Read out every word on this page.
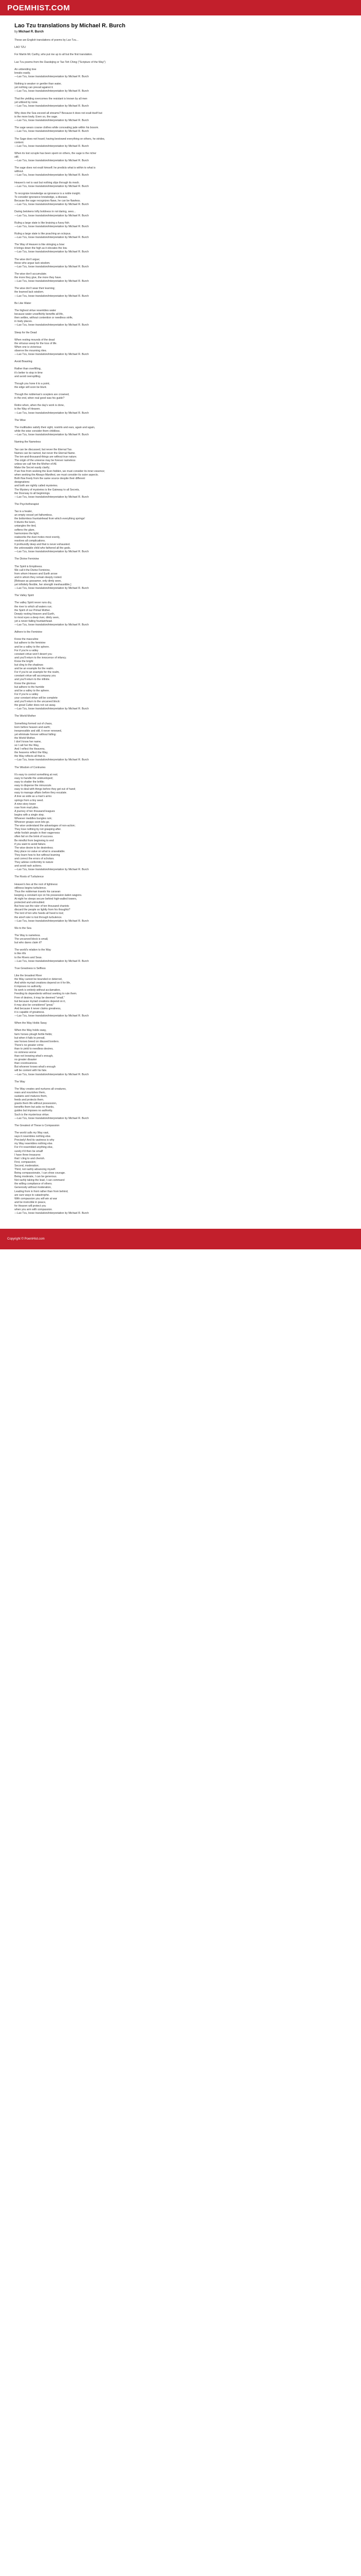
POEMHIST.COM
Lao Tzu translations by Michael R. Burch
by Michael R. Burch
These are English translations of poems by Lao Tzu...
LAO TZU
For Martin Mc Carthy, who put me up to all but the first translation.
Lao Tzu poems from the Daodejing or Tao Teh Ching ("Scripture of the Way")
An unbending tree
breaks easily.
—Lao Tzu, loose translation/interpretation by Michael R. Burch
Nothing is weaker or gentler than water,
yet nothing can prevail against it.
—Lao Tzu, loose translation/interpretation by Michael R. Burch
That the yielding overcomes the resistant is known by all men
yet utilized by none.
—Lao Tzu, loose translation/interpretation by Michael R. Burch
Why does the Sea exceed all streams? Because it does not exalt itself but
is the more lowly. Even so, the sage.
—Lao Tzu, loose translation/interpretation by Michael R. Burch
The sage wears coarse clothes while concealing jade within his bosom.
—Lao Tzu, loose translation/interpretation by Michael R. Burch
The Sage does not hoard; having bestowed everything on others, he strides,
content.
—Lao Tzu, loose translation/interpretation by Michael R. Burch
When its lost scruple has been spent on others, the sage is the richer
still.
—Lao Tzu, loose translation/interpretation by Michael R. Burch
The sage does not exalt himself; he predicts what is within to what is
without.
—Lao Tzu, loose translation/interpretation by Michael R. Burch
Heaven's net is vast but nothing slips through its mesh.
—Lao Tzu, loose translation/interpretation by Michael R. Burch
To recognize knowledge as ignorance is a noble insight.
To consider ignorance knowledge, a disease.
Because the sage recognizes flaws, he can be flawless.
—Lao Tzu, loose translation/interpretation by Michael R. Burch
Daring betokens lofty boldness in not daring, sees...
—Lao Tzu, loose translation/interpretation by Michael R. Burch
Ruling a large state is like braising a fussy fish.
—Lao Tzu, loose translation/interpretation by Michael R. Burch
Ruling a large state is like poaching an octopus.
—Lao Tzu, loose translation/interpretation by Michael R. Burch
The Way of Heaven is like stringing a bow:
it brings down the high as it elevates the low.
—Lao Tzu, loose translation/interpretation by Michael R. Burch
The wise don't argue;
those who argue lack wisdom.
—Lao Tzu, loose translation/interpretation by Michael R. Burch
The wise don't accumulate;
the more they give, the more they have.
—Lao Tzu, loose translation/interpretation by Michael R. Burch
The wise don't wear their learning;
the learned lack wisdom.
—Lao Tzu, loose translation/interpretation by Michael R. Burch
Be Like Water
The highest virtue resembles water
because water unselfishly benefits all life,
then settles, without contention or needless strife,
in lowly places.
—Lao Tzu, loose translation/interpretation by Michael R. Burch
Sleep for the Dead
When resting mounds of the dead
the virtuous weep for the loss of life.
When one is victorious
observe the mourning rites.
—Lao Tzu, loose translation/interpretation by Michael R. Burch
Avoid Boasting
Rather than overfilling,
it's better to stop in time
and avoid overspilling.
Though you hone it to a point,
the edge will soon be blunt.
Though the nobleman's scepters are crowned,
in the end, when real good was his guide?
Retire when, when the day's work is done,
is the Way of Heaven.
—Lao Tzu, loose translation/interpretation by Michael R. Burch
The Wise
The multitudes satisfy their sight, nostrils and ears, again and again,
while the wise consider them childless.
—Lao Tzu, loose translation/interpretation by Michael R. Burch
Naming the Nameless
Tao can be discussed, but never the Eternal Tao.
Names can be named, but never the Eternal Name.
The ten-and-thousand-things are without true nature.
The origin of the universe may be forever nameless
unless we call him the Mother of All.
Make the Secret easily clarify;
If we free from seeking the Ever-hidden, we must consider its inner essence;
when seeking the Always-Manifest, we must consider its outer aspects.
Both flow freely from the same source despite their different
designations
and both are rightly called mysteries.
The Mystery of mysteries is the Gateway to all Secrets,
the Doorway to all beginnings.
—Lao Tzu, loose translation/interpretation by Michael R. Burch
The Psychotherapist
Tao is a healer,
an empty vessel yet fathomless,
the bottomless fountainhead from which everything springs!
It blunts the keen,
untangles the tied,
softens the glare,
harmonizes the light;
reabsorbs the dust motes most evenly,
resolves all complications.
It profoundly deep and that is never exhausted.
the unknowable child who fathered all the gods.
—Lao Tzu, loose translation/interpretation by Michael R. Burch
The Divine Feminine
The Spirit is Emptiness.
We call it the Divine Feminine,
from whom Heaven and Earth arose
and in whom they remain deeply rooted.
[Release as gossamer, only dimly seen,
yet infinitely flexible, her strength inexhaustible.]
—Lao Tzu, loose translation/interpretation by Michael R. Burch
The Valley Spirit
The valley Spirit never runs dry,
the river to which all waters run;
the Spirit of our Primal Mother.
Deeply rooting Heaven and Earth,
to most eyes a deep river, dimly seen,
yet a never-failing fountainhead.
—Lao Tzu, loose translation/interpretation by Michael R. Burch
Adhere to the Feminine
Know the masculine
but adhere to the feminine
and be a valley to the sphere.
For if you're a valley
constant virtue won't desert you
and you'll return to the innocence of infancy.
Know the bright
but cling to the shadows
and be an example for the realm.
For if you're an example for the realm,
constant virtue will accompany you
and you'll return to the infinite.
Know the glorious
but adhere to the humble
and be a valley to the sphere.
For if you're a valley
your constant virtue will be complete
and you'll return to the uncarved block:
the great Cutter does not cut away.
—Lao Tzu, loose translation/interpretation by Michael R. Burch
The World Mother
Something formed out of chaos,
born before heaven and earth;
inexpressible and still, it never renewed,
yet eliminate forever without falling:
the World Mother.
I don't know her name,
so I call her the Way,
And I reflect the Heavens,
the heavens reflect the Way,
the Way reflects all that is.
—Lao Tzu, loose translation/interpretation by Michael R. Burch
The Wisdom of Contraries
It's easy to control something at rest;
easy to handle the undeveloped;
easy to shatter the brittle;
easy to disperse the minuscule.
easy to deal with things before they get out of hand;
easy to manage affairs before they escalate.
A tree as wide as a man's arms
springs from a tiny seed.
A nine-story tower
rose from mud piles.
A journey of ten thousand leagues
begins with a single step.
Whoever meddles bungles ruin;
Whoever grasps soon lets go.
The wise understand the advantages of non-action;
They lose nothing by not grasping after.
while foolish people in their eagerness
often fail on the brink of success.
Be mindful from beginning to end
if you want to avoid failure.
The wise desire to be desireless;
they place no value on what is unavailable.
They learn how to live without learning
and correct the errors of scholars.
They advise conformity to nature
and avoid rash actions.
—Lao Tzu, loose translation/interpretation by Michael R. Burch
The Roots of Turbulence
Heaven's lies at the root of lightness:
stillness begins turbulence.
Thus the nobleman travels his caravan
keeping a constant eye on his possession-laden wagons.
At night he sleeps secure behind high-walled towers,
protected and untroubled.
But how can the ruler of ten thousand chariots
discard the people so lightly from his thoughts?
The lord of ten who heeds all heed is lost;
the aloof ruler is lost through turbulence.
—Lao Tzu, loose translation/interpretation by Michael R. Burch
Wu to the Sea
The Way is nameless.
The uncarved block is small,
but who dares claim it?
The world's relation to the Way
is like rills
to the Rivers and Seas.
—Lao Tzu, loose translation/interpretation by Michael R. Burch
True Greatness is Selfless
Like the broadest River
the Way cannot be bounded or deterred,
And while myriad creations depend on it for life,
it imposes no authority.
Its work is entirely without acclamation,
Feeding its dependents without seeking to rule them.
Free of desires, it may be deemed "small,"
but because myriad creations depend on it,
it may also be considered "great."
And because it never claims greatness,
it is capable of greatness.
—Lao Tzu, loose translation/interpretation by Michael R. Burch
When the Way Holds Sway
When the Way holds sway,
farm horses plough fertile fields;
but when it fails to prevail,
war horses breed on disused borders.
There's no greater crime
than to yield to needless desires,
no sickness worse
than not knowing what's enough,
no greater disaster
than covetousness.
But whoever knows what's enough
will be content with his fate.
—Lao Tzu, loose translation/interpretation by Michael R. Burch
The Way
The Way creates and nurtures all creatures,
rears and nourishes them,
sustains and matures them,
feeds and protects them.
grants them life without possession,
benefits them but asks no thanks,
guides but imposes no authority.
Such is the mysterious virtue.
—Lao Tzu, loose translation/interpretation by Michael R. Burch
The Greatest of These is Compassion
The world calls my Way vast,
says it resembles nothing else.
Precisely! And its vastness is why
my Way resembles nothing else.
For if it resembled anything else,
surely it'd then be small!
I have three treasures
that I cling to and cherish.
First, compassion;
Second, moderation;
Third, not rashly advancing myself.
Being compassionate, I can show courage.
Being moderate, I can be generous.
Not rashly taking the lead, I can command
the willing compliance of others.
Generosity without moderation,
Leading from in front rather than from behind,
are sure ways to catastrophe.
With compassion you will win at war
and be invincible in peace,
for Heaven will protect you
when you arm with compassion.
—Lao Tzu, loose translation/interpretation by Michael R. Burch
Copyright © PoemHist.com
